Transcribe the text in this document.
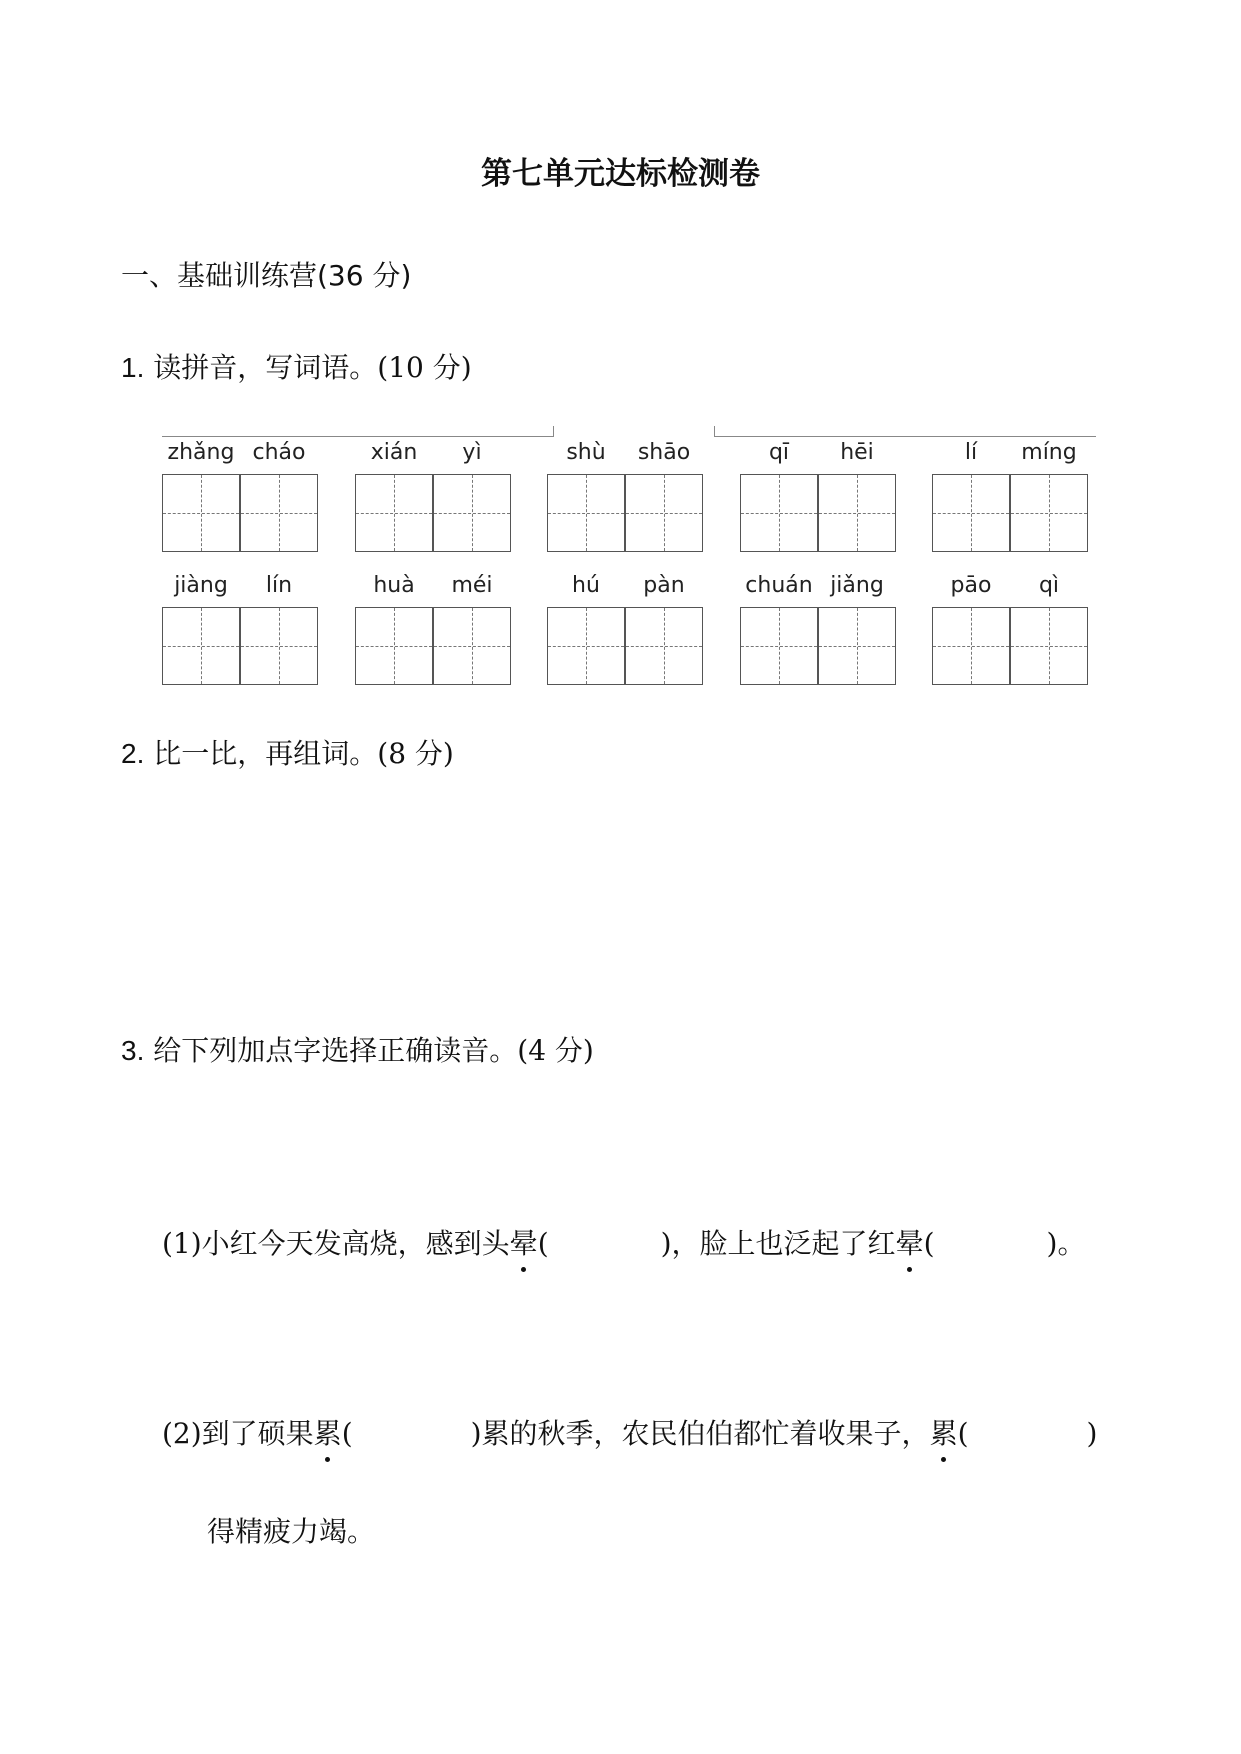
第七单元达标检测卷
一、基础训练营(36 分)
1. 读拼音，写词语。(10 分)
zhǎng cháo	xián	yì	shù	shāo	qī	hēi	lí	míng
jiàng	lín	huà	méi	hú	pàn	chuán jiǎng	pāo	qì
2. 比一比，再组词。(8 分)
3. 给下列加点字选择正确读音。(4 分)
(1)小红今天发高烧，感到头晕(	)，脸上也泛起了红晕(	)。
(2)到了硕果累(	)累的秋季，农民伯伯都忙着收果子，累(	)
得精疲力竭。
